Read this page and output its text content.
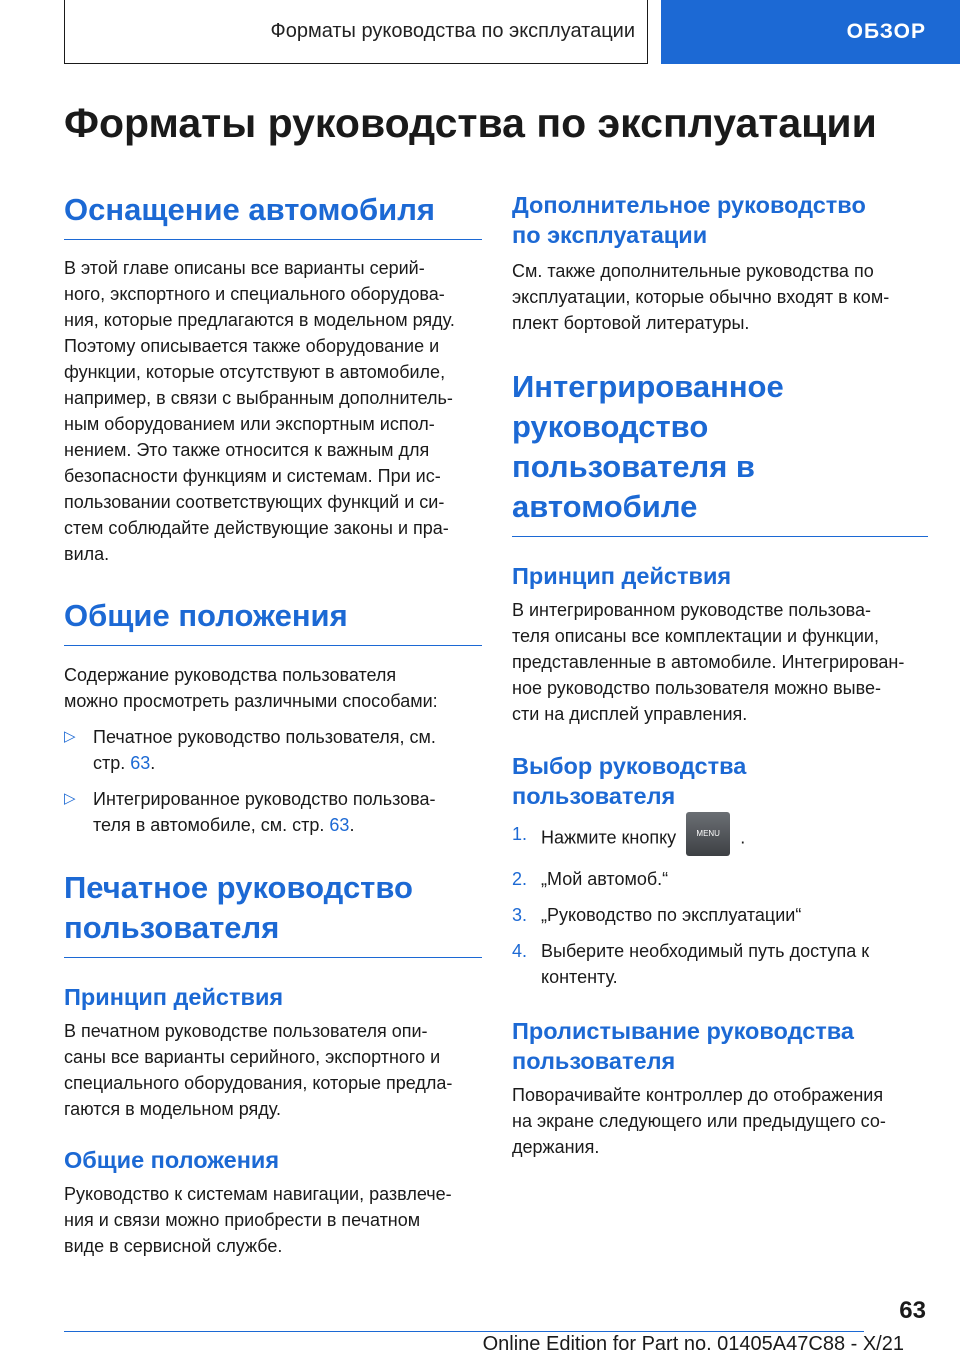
Форматы руководства по эксплуатации	ОБЗОР
Форматы руководства по эксплуатации
Оснащение автомобиля

В этой главе описаны все варианты серий-
ного, экспортного и специального оборудова-
ния, которые предлагаются в модельном ряду.
Поэтому описывается также оборудование и
функции, которые отсутствуют в автомобиле,
например, в связи с выбранным дополнитель-
ным оборудованием или экспортным испол-
нением. Это также относится к важным для
безопасности функциям и системам. При ис-
пользовании соответствующих функций и си-
стем соблюдайте действующие законы и пра-
вила.

Общие положения

Содержание руководства пользователя
можно просмотреть различными способами:

▷ Печатное руководство пользователя, см.
стр. 63.
▷ Интегрированное руководство пользова-
теля в автомобиле, см. стр. 63.
Печатное руководство
пользователя
Принцип действия

В печатном руководстве пользователя опи-
саны все варианты серийного, экспортного и
специального оборудования, которые предла-
гаются в модельном ряду.

Общие положения

Руководство к системам навигации, развлече-
ния и связи можно приобрести в печатном
виде в сервисной службе.

Дополнительное руководство
по эксплуатации

См. также дополнительные руководства по
эксплуатации, которые обычно входят в ком-
плект бортовой литературы.

Интегрированное
руководство
пользователя в
автомобиле
Принцип действия

В интегрированном руководстве пользова-
теля описаны все комплектации и функции,
представленные в автомобиле. Интегрирован-
ное руководство пользователя можно выве-
сти на дисплей управления.

Выбор руководства
пользователя
1. Нажмите кнопку	MENU .
2. „Мой автомоб.“
3. „Руководство по эксплуатации“
4. Выберите необходимый путь доступа к
контенту.
Пролистывание руководства
пользователя

Поворачивайте контроллер до отображения
на экране следующего или предыдущего со-
держания.

63
Online Edition for Part no. 01405A47C88 - X/21
